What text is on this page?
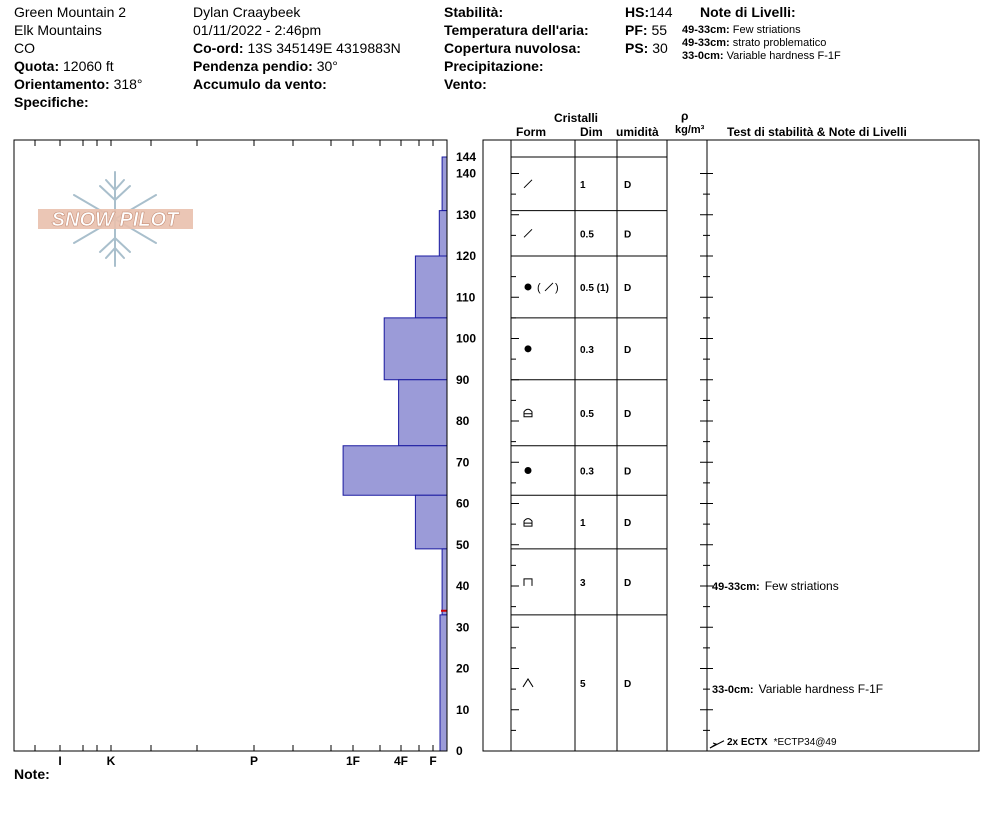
Green Mountain 2
Elk Mountains
CO
Quota: 12060 ft
Orientamento: 318°
Specifiche:
Dylan Craaybeek
01/11/2022 - 2:46pm
Co-ord: 13S 345149E 4319883N
Pendenza pendio: 30°
Accumulo da vento:
Stabilità:
Temperatura dell'aria:
Copertura nuvolosa:
Precipitazione:
Vento:
HS:144
PF: 55
PS: 30
Note di Livelli:
49-33cm: Few striations
49-33cm: strato problematico
33-0cm: Variable hardness F-1F
Cristalli
Form	Dim umidità
ρ
kg/m³ Test di stabilità & Note di Livelli
Note:
SNOW PILOT
I	K	P	1F	4F F
0
10
20
30
40
50
60
70
80
90
100
110
120
130
140
144
1	D
0.5	D
( ) 0.5 (1) D
0.3	D
0.5	D
0.3	D
1	D
3	D
5	D
49-33cm: Few striations
33-0cm: Variable hardness F-1F
2x ECTX *ECTP34@49
